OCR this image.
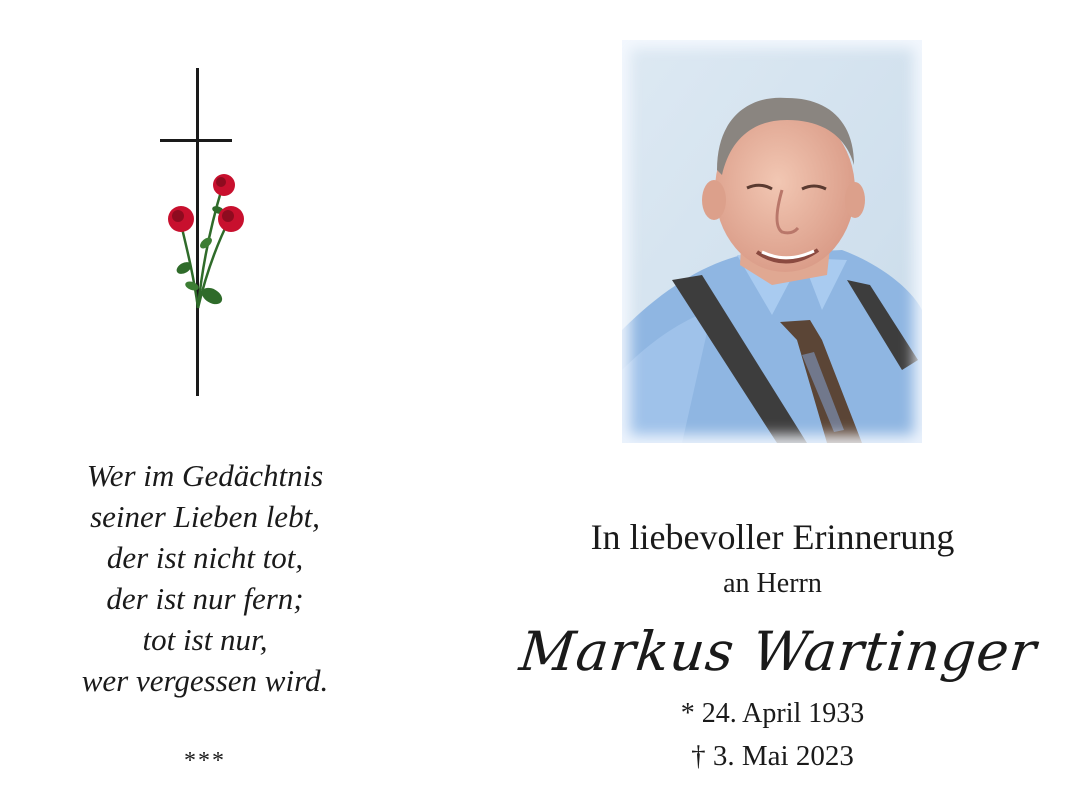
Wer im Gedächtnis
seiner Lieben lebt,
der ist nicht tot,
der ist nur fern;
tot ist nur,
wer vergessen wird.
***
In liebevoller Erinnerung
an Herrn
Markus Wartinger
* 24. April 1933
† 3. Mai 2023
